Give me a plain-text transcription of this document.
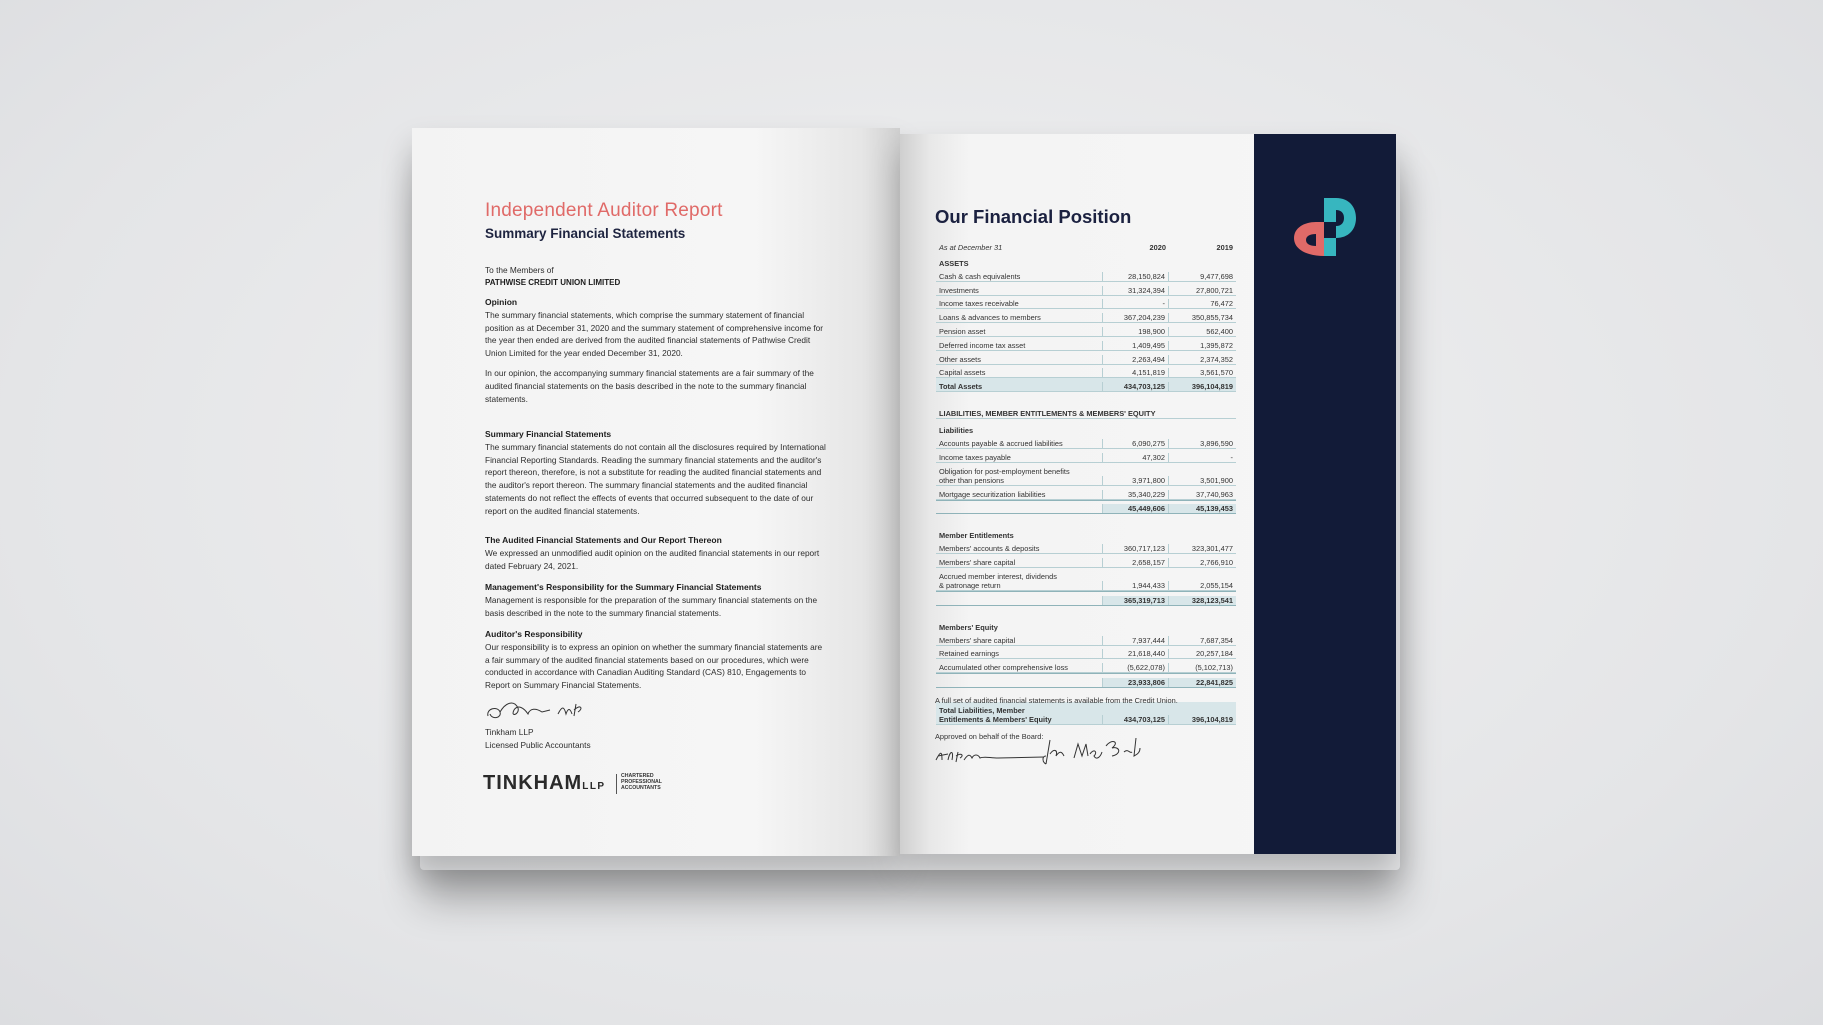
Independent Auditor Report
Summary Financial Statements

To the Members of

PATHWISE CREDIT UNION LIMITED

Opinion

The summary financial statements, which comprise the summary statement of financial position as at December 31, 2020 and the summary statement of comprehensive income for the year then ended are derived from the audited financial statements of Pathwise Credit Union Limited for the year ended December 31, 2020.

In our opinion, the accompanying summary financial statements are a fair summary of the audited financial statements on the basis described in the note to the summary financial statements.

Summary Financial Statements

The summary financial statements do not contain all the disclosures required by International Financial Reporting Standards. Reading the summary financial statements and the auditor's report thereon, therefore, is not a substitute for reading the audited financial statements and the auditor's report thereon. The summary financial statements and the audited financial statements do not reflect the effects of events that occurred subsequent to the date of our report on the audited financial statements.

The Audited Financial Statements and Our Report Thereon

We expressed an unmodified audit opinion on the audited financial statements in our report dated February 24, 2021.

Management's Responsibility for the Summary Financial Statements

Management is responsible for the preparation of the summary financial statements on the basis described in the note to the summary financial statements.

Auditor's Responsibility

Our responsibility is to express an opinion on whether the summary financial statements are a fair summary of the audited financial statements based on our procedures, which were conducted in accordance with Canadian Auditing Standard (CAS) 810, Engagements to Report on Summary Financial Statements.

Tinkham LLP

Licensed Public Accountants

TINKHAMLLP
CHARTERED
PROFESSIONAL
ACCOUNTANTS
Our Financial Position
As at December 31	2020	2019
ASSETS
Cash & cash equivalents	28,150,824	9,477,698
Investments	31,324,394	27,800,721
Income taxes receivable	-	76,472
Loans & advances to members	367,204,239	350,855,734
Pension asset	198,900	562,400
Deferred income tax asset	1,409,495	1,395,872
Other assets	2,263,494	2,374,352
Capital assets	4,151,819	3,561,570
Total Assets	434,703,125	396,104,819
LIABILITIES, MEMBER ENTITLEMENTS & MEMBERS' EQUITY
Liabilities
Accounts payable & accrued liabilities	6,090,275	3,896,590
Income taxes payable	47,302	-
Obligation for post-employment benefits
other than pensions	3,971,800	3,501,900
Mortgage securitization liabilities	35,340,229	37,740,963
45,449,606	45,139,453
Member Entitlements
Members' accounts & deposits	360,717,123	323,301,477
Members' share capital	2,658,157	2,766,910
Accrued member interest, dividends
& patronage return	1,944,433	2,055,154
365,319,713	328,123,541
Members' Equity
Members' share capital	7,937,444	7,687,354
Retained earnings	21,618,440	20,257,184
Accumulated other comprehensive loss	(5,622,078)	(5,102,713)
23,933,806	22,841,825
Total Liabilities, Member
Entitlements & Members' Equity	434,703,125	396,104,819
A full set of audited financial statements is available from the Credit Union.
Approved on behalf of the Board:
